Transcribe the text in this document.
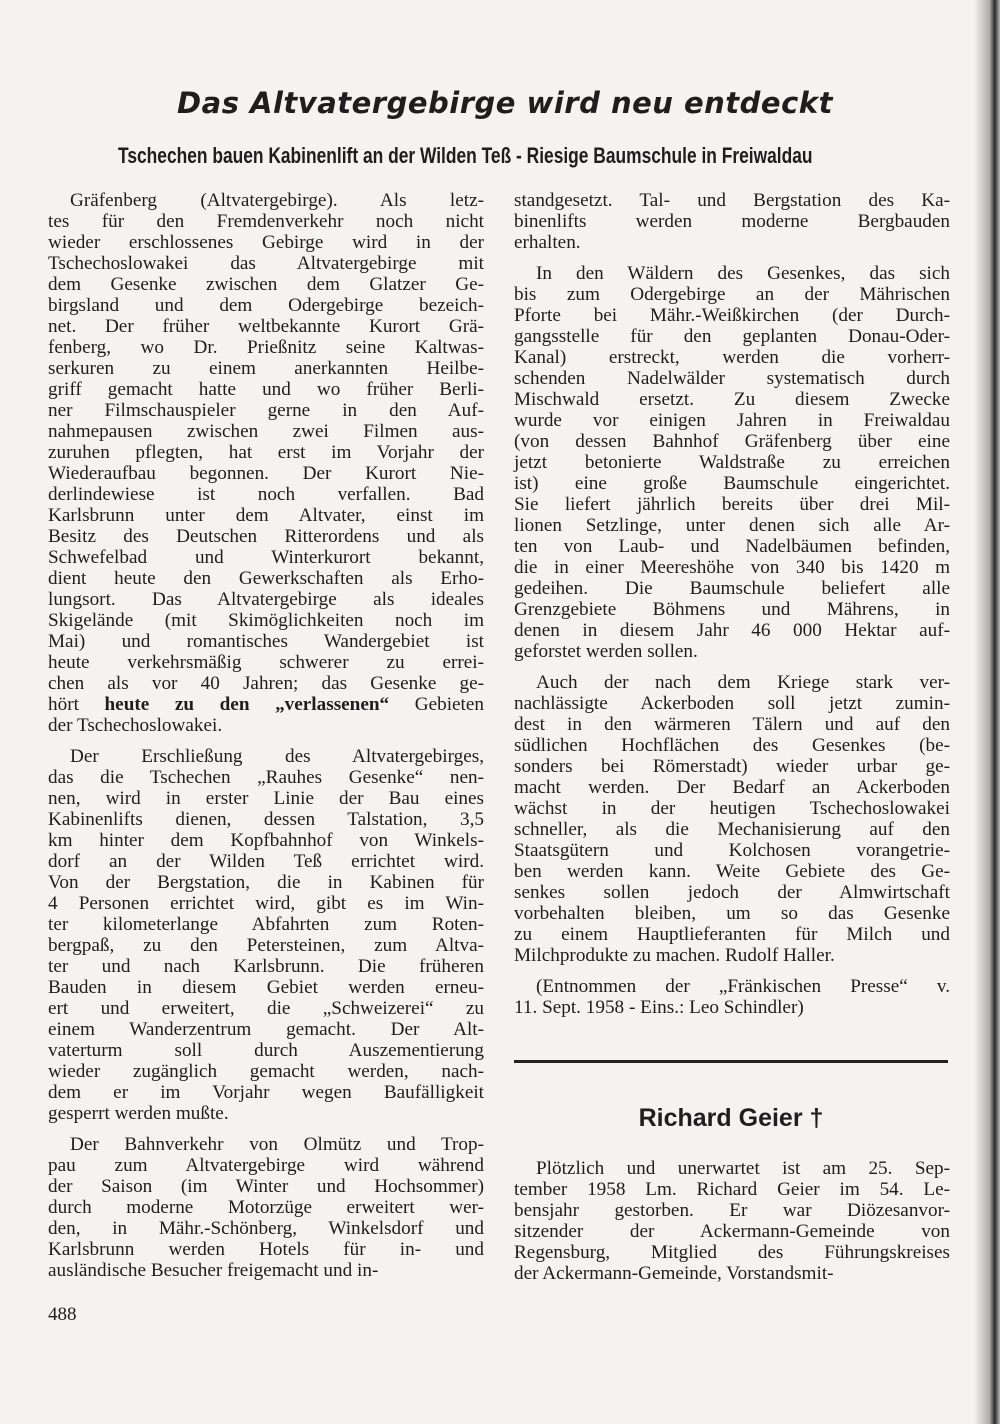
Das Altvatergebirge wird neu entdeckt
Tschechen bauen Kabinenlift an der Wilden Teß - Riesige Baumschule in Freiwaldau
Gräfenberg (Altvatergebirge). Als letz-
tes für den Fremdenverkehr noch nicht
wieder erschlossenes Gebirge wird in der
Tschechoslowakei das Altvatergebirge mit
dem Gesenke zwischen dem Glatzer Ge-
birgsland und dem Odergebirge bezeich-
net. Der früher weltbekannte Kurort Grä-
fenberg, wo Dr. Prießnitz seine Kaltwas-
serkuren zu einem anerkannten Heilbe-
griff gemacht hatte und wo früher Berli-
ner Filmschauspieler gerne in den Auf-
nahmepausen zwischen zwei Filmen aus-
zuruhen pflegten, hat erst im Vorjahr der
Wiederaufbau begonnen. Der Kurort Nie-
derlindewiese ist noch verfallen. Bad
Karlsbrunn unter dem Altvater, einst im
Besitz des Deutschen Ritterordens und als
Schwefelbad und Winterkurort bekannt,
dient heute den Gewerkschaften als Erho-
lungsort. Das Altvatergebirge als ideales
Skigelände (mit Skimöglichkeiten noch im
Mai) und romantisches Wandergebiet ist
heute verkehrsmäßig schwerer zu errei-
chen als vor 40 Jahren; das Gesenke ge-
hört heute zu den „verlassenen“ Gebieten
der Tschechoslowakei.
Der Erschließung des Altvatergebirges,
das die Tschechen „Rauhes Gesenke“ nen-
nen, wird in erster Linie der Bau eines
Kabinenlifts dienen, dessen Talstation, 3,5
km hinter dem Kopfbahnhof von Winkels-
dorf an der Wilden Teß errichtet wird.
Von der Bergstation, die in Kabinen für
4 Personen errichtet wird, gibt es im Win-
ter kilometerlange Abfahrten zum Roten-
bergpaß, zu den Petersteinen, zum Altva-
ter und nach Karlsbrunn. Die früheren
Bauden in diesem Gebiet werden erneu-
ert und erweitert, die „Schweizerei“ zu
einem Wanderzentrum gemacht. Der Alt-
vaterturm soll durch Auszementierung
wieder zugänglich gemacht werden, nach-
dem er im Vorjahr wegen Baufälligkeit
gesperrt werden mußte.
Der Bahnverkehr von Olmütz und Trop-
pau zum Altvatergebirge wird während
der Saison (im Winter und Hochsommer)
durch moderne Motorzüge erweitert wer-
den, in Mähr.-Schönberg, Winkelsdorf und
Karlsbrunn werden Hotels für in- und
ausländische Besucher freigemacht und in-
standgesetzt. Tal- und Bergstation des Ka-
binenlifts werden moderne Bergbauden
erhalten.
In den Wäldern des Gesenkes, das sich
bis zum Odergebirge an der Mährischen
Pforte bei Mähr.-Weißkirchen (der Durch-
gangsstelle für den geplanten Donau-Oder-
Kanal) erstreckt, werden die vorherr-
schenden Nadelwälder systematisch durch
Mischwald ersetzt. Zu diesem Zwecke
wurde vor einigen Jahren in Freiwaldau
(von dessen Bahnhof Gräfenberg über eine
jetzt betonierte Waldstraße zu erreichen
ist) eine große Baumschule eingerichtet.
Sie liefert jährlich bereits über drei Mil-
lionen Setzlinge, unter denen sich alle Ar-
ten von Laub- und Nadelbäumen befinden,
die in einer Meereshöhe von 340 bis 1420 m
gedeihen. Die Baumschule beliefert alle
Grenzgebiete Böhmens und Mährens, in
denen in diesem Jahr 46 000 Hektar auf-
geforstet werden sollen.
Auch der nach dem Kriege stark ver-
nachlässigte Ackerboden soll jetzt zumin-
dest in den wärmeren Tälern und auf den
südlichen Hochflächen des Gesenkes (be-
sonders bei Römerstadt) wieder urbar ge-
macht werden. Der Bedarf an Ackerboden
wächst in der heutigen Tschechoslowakei
schneller, als die Mechanisierung auf den
Staatsgütern und Kolchosen vorangetrie-
ben werden kann. Weite Gebiete des Ge-
senkes sollen jedoch der Almwirtschaft
vorbehalten bleiben, um so das Gesenke
zu einem Hauptlieferanten für Milch und
Milchprodukte zu machen. Rudolf Haller.
(Entnommen der „Fränkischen Presse“ v.
11. Sept. 1958 - Eins.: Leo Schindler)
Richard Geier †
Plötzlich und unerwartet ist am 25. Sep-
tember 1958 Lm. Richard Geier im 54. Le-
bensjahr gestorben. Er war Diözesanvor-
sitzender der Ackermann-Gemeinde von
Regensburg, Mitglied des Führungskreises
der Ackermann-Gemeinde, Vorstandsmit-
488
